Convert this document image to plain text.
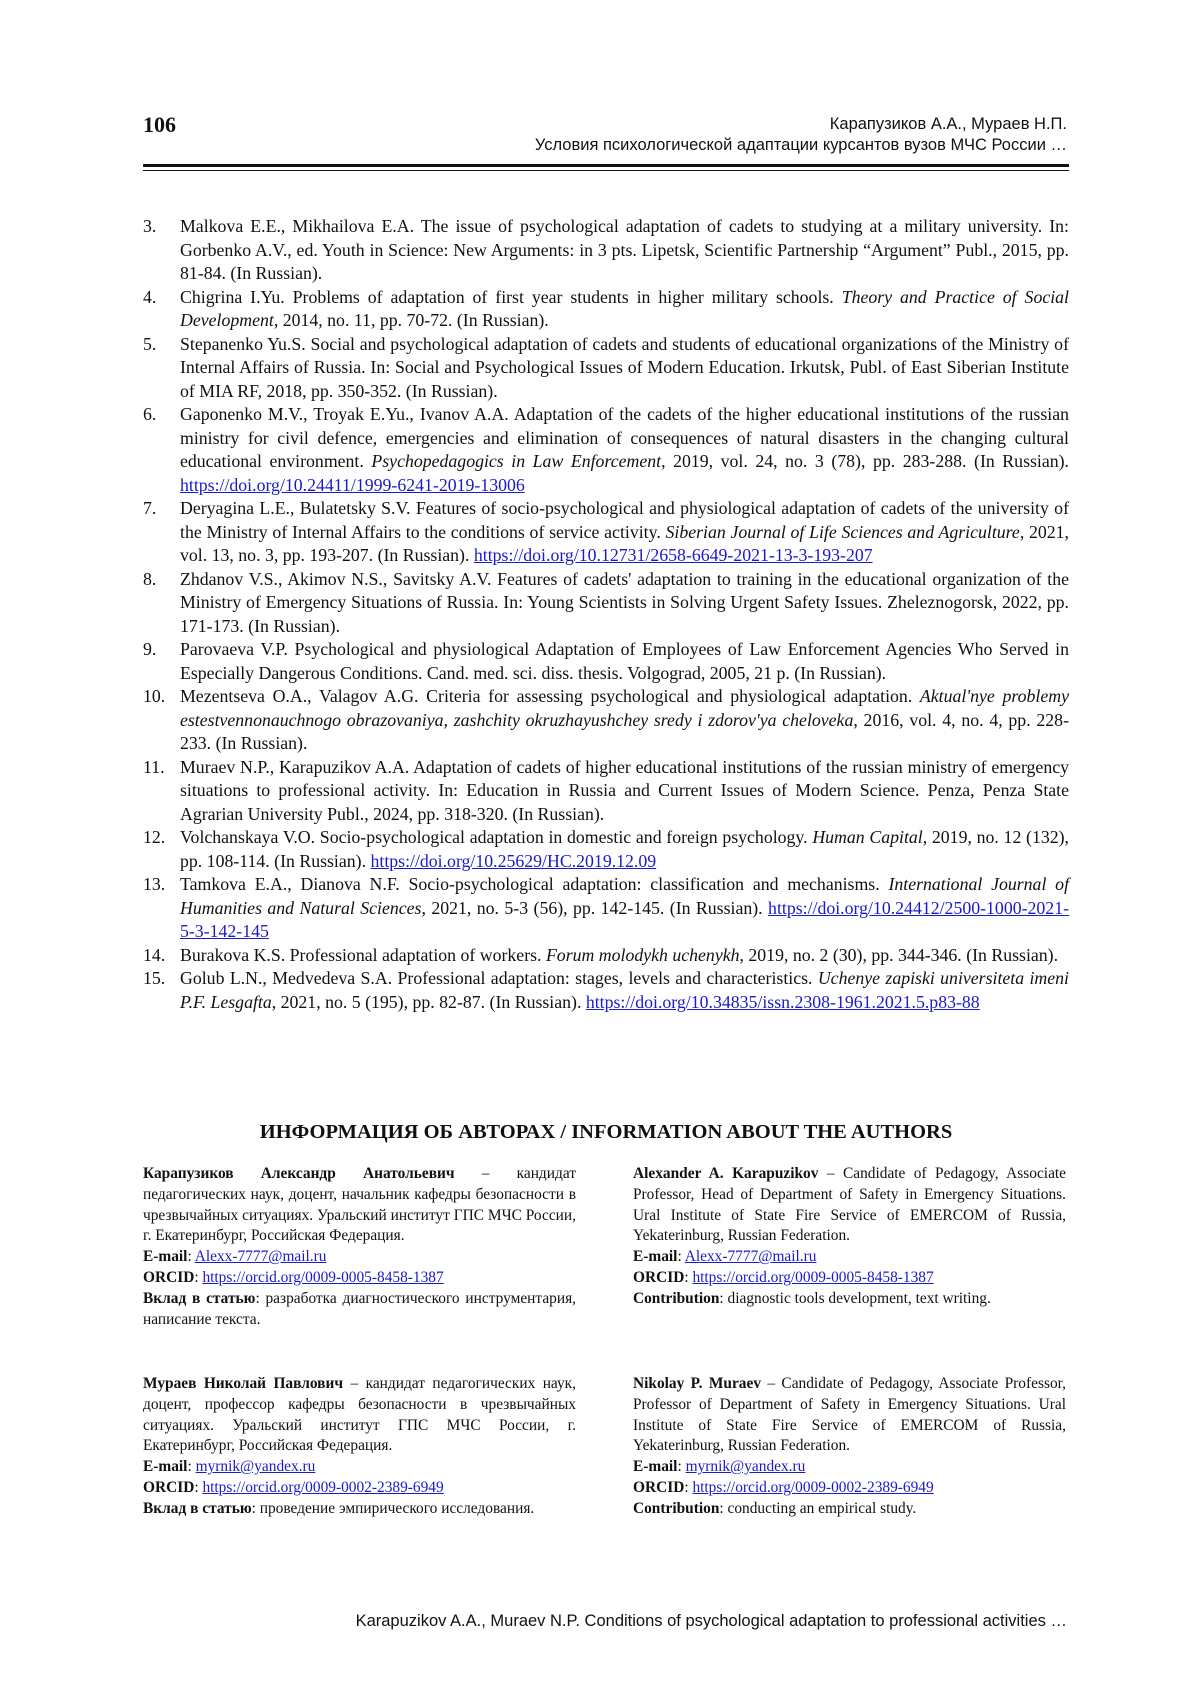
106	Карапузиков А.А., Мураев Н.П.
Условия психологической адаптации курсантов вузов МЧС России …
3. Malkova E.E., Mikhailova E.A. The issue of psychological adaptation of cadets to studying at a military university. In: Gorbenko A.V., ed. Youth in Science: New Arguments: in 3 pts. Lipetsk, Scientific Partnership “Argument” Publ., 2015, pp. 81-84. (In Russian).
4. Chigrina I.Yu. Problems of adaptation of first year students in higher military schools. Theory and Practice of Social Development, 2014, no. 11, pp. 70-72. (In Russian).
5. Stepanenko Yu.S. Social and psychological adaptation of cadets and students of educational organizations of the Ministry of Internal Affairs of Russia. In: Social and Psychological Issues of Modern Education. Irkutsk, Publ. of East Siberian Institute of MIA RF, 2018, pp. 350-352. (In Russian).
6. Gaponenko M.V., Troyak E.Yu., Ivanov A.A. Adaptation of the cadets of the higher educational institutions of the russian ministry for civil defence, emergencies and elimination of consequences of natural disasters in the changing cultural educational environment. Psychopedagogics in Law Enforcement, 2019, vol. 24, no. 3 (78), pp. 283-288. (In Russian). https://doi.org/10.24411/1999-6241-2019-13006
7. Deryagina L.E., Bulatetsky S.V. Features of socio-psychological and physiological adaptation of cadets of the university of the Ministry of Internal Affairs to the conditions of service activity. Siberian Journal of Life Sciences and Agriculture, 2021, vol. 13, no. 3, pp. 193-207. (In Russian). https://doi.org/10.12731/2658-6649-2021-13-3-193-207
8. Zhdanov V.S., Akimov N.S., Savitsky A.V. Features of cadets' adaptation to training in the educational organization of the Ministry of Emergency Situations of Russia. In: Young Scientists in Solving Urgent Safety Issues. Zheleznogorsk, 2022, pp. 171-173. (In Russian).
9. Parovaeva V.P. Psychological and physiological Adaptation of Employees of Law Enforcement Agencies Who Served in Especially Dangerous Conditions. Cand. med. sci. diss. thesis. Volgograd, 2005, 21 p. (In Russian).
10. Mezentseva O.A., Valagov A.G. Criteria for assessing psychological and physiological adaptation. Aktual'nye problemy estestvennonauchnogo obrazovaniya, zashchity okruzhayushchey sredy i zdorov'ya cheloveka, 2016, vol. 4, no. 4, pp. 228-233. (In Russian).
11. Muraev N.P., Karapuzikov A.A. Adaptation of cadets of higher educational institutions of the russian ministry of emergency situations to professional activity. In: Education in Russia and Current Issues of Modern Science. Penza, Penza State Agrarian University Publ., 2024, pp. 318-320. (In Russian).
12. Volchanskaya V.O. Socio-psychological adaptation in domestic and foreign psychology. Human Capital, 2019, no. 12 (132), pp. 108-114. (In Russian). https://doi.org/10.25629/HC.2019.12.09
13. Tamkova E.A., Dianova N.F. Socio-psychological adaptation: classification and mechanisms. International Journal of Humanities and Natural Sciences, 2021, no. 5-3 (56), pp. 142-145. (In Russian). https://doi.org/10.24412/2500-1000-2021-5-3-142-145
14. Burakova K.S. Professional adaptation of workers. Forum molodykh uchenykh, 2019, no. 2 (30), pp. 344-346. (In Russian).
15. Golub L.N., Medvedeva S.A. Professional adaptation: stages, levels and characteristics. Uchenye zapiski universiteta imeni P.F. Lesgafta, 2021, no. 5 (195), pp. 82-87. (In Russian). https://doi.org/10.34835/issn.2308-1961.2021.5.p83-88
ИНФОРМАЦИЯ ОБ АВТОРАХ / INFORMATION ABOUT THE AUTHORS
Карапузиков Александр Анатольевич – кандидат педагогических наук, доцент, начальник кафедры безопасности в чрезвычайных ситуациях. Уральский институт ГПС МЧС России, г. Екатеринбург, Российская Федерация.
E-mail: Alexx-7777@mail.ru
ORCID: https://orcid.org/0009-0005-8458-1387
Вклад в статью: разработка диагностического инструментария, написание текста.
Alexander A. Karapuzikov – Candidate of Pedagogy, Associate Professor, Head of Department of Safety in Emergency Situations. Ural Institute of State Fire Service of EMERCOM of Russia, Yekaterinburg, Russian Federation.
E-mail: Alexx-7777@mail.ru
ORCID: https://orcid.org/0009-0005-8458-1387
Contribution: diagnostic tools development, text writing.
Мураев Николай Павлович – кандидат педагогических наук, доцент, профессор кафедры безопасности в чрезвычайных ситуациях. Уральский институт ГПС МЧС России, г. Екатеринбург, Российская Федерация.
E-mail: myrnik@yandex.ru
ORCID: https://orcid.org/0009-0002-2389-6949
Вклад в статью: проведение эмпирического исследования.
Nikolay P. Muraev – Candidate of Pedagogy, Associate Professor, Professor of Department of Safety in Emergency Situations. Ural Institute of State Fire Service of EMERCOM of Russia, Yekaterinburg, Russian Federation.
E-mail: myrnik@yandex.ru
ORCID: https://orcid.org/0009-0002-2389-6949
Contribution: conducting an empirical study.
Karapuzikov A.A., Muraev N.P. Conditions of psychological adaptation to professional activities …
